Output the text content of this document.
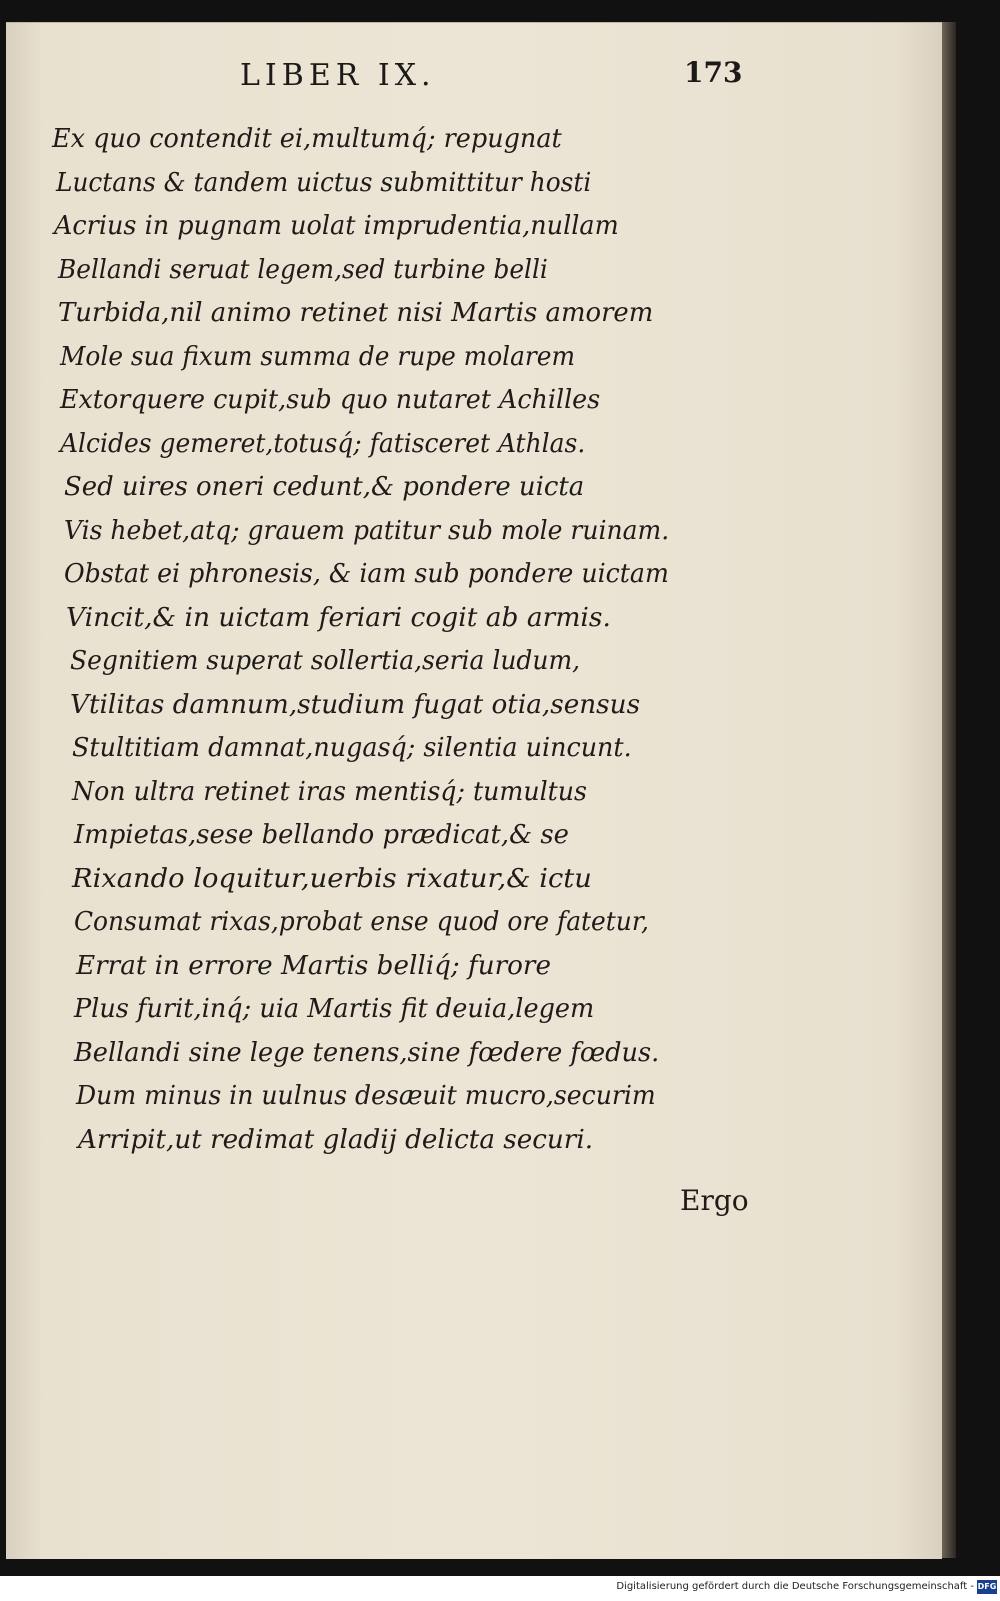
LIBER IX.	173
Ex quo contendit ei,multumq́; repugnat
Luctans & tandem uictus submittitur hosti
Acrius in pugnam uolat imprudentia,nullam
Bellandi seruat legem,sed turbine belli
Turbida,nil animo retinet nisi Martis amorem
Mole sua fixum summa de rupe molarem
Extorquere cupit,sub quo nutaret Achilles
Alcides gemeret,totusq́; fatisceret Athlas.
Sed uires oneri cedunt,& pondere uicta
Vis hebet,atq; grauem patitur sub mole ruinam.
Obstat ei phronesis, & iam sub pondere uictam
Vincit,& in uictam feriari cogit ab armis.
Segnitiem superat sollertia,seria ludum,
Vtilitas damnum,studium fugat otia,sensus
Stultitiam damnat,nugasq́; silentia uincunt.
Non ultra retinet iras mentisq́; tumultus
Impietas,sese bellando prædicat,& se
Rixando loquitur,uerbis rixatur,& ictu
Consumat rixas,probat ense quod ore fatetur,
Errat in errore Martis belliq́; furore
Plus furit,inq́; uia Martis fit deuia,legem
Bellandi sine lege tenens,sine fœdere fœdus.
Dum minus in uulnus desæuit mucro,securim
Arripit,ut redimat gladij delicta securi.
Ergo
Digitalisierung gefördert durch die Deutsche Forschungsgemeinschaft - DFG
